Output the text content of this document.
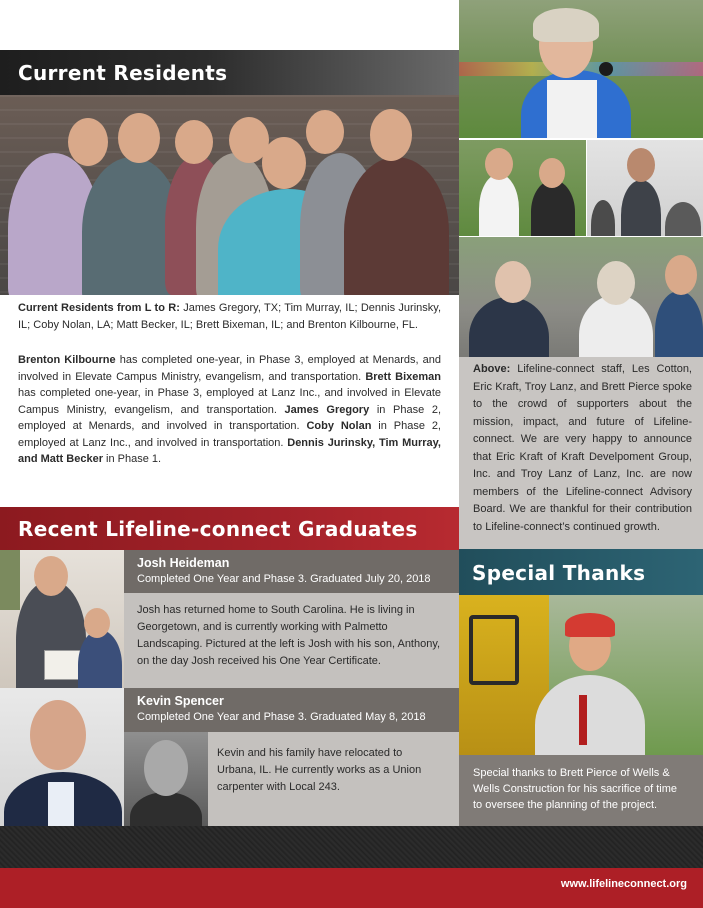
Current Residents
Current Residents from L to R: James Gregory, TX; Tim Murray, IL; Dennis Jurinsky, IL; Coby Nolan, LA; Matt Becker, IL; Brett Bixeman, IL; and Brenton Kilbourne, FL.
Brenton Kilbourne has completed one-year, in Phase 3, employed at Menards, and involved in Elevate Campus Ministry, evangelism, and transportation. Brett Bixeman has completed one-year, in Phase 3, employed at Lanz Inc., and involved in Elevate Campus Ministry, evangelism, and transportation. James Gregory in Phase 2, employed at Menards, and involved in transportation. Coby Nolan in Phase 2, employed at Lanz Inc., and involved in transportation. Dennis Jurinsky, Tim Murray, and Matt Becker in Phase 1.
Recent Lifeline-connect Graduates
Josh Heideman
Completed One Year and Phase 3. Graduated July 20, 2018
Josh has returned home to South Carolina. He is living in Georgetown, and is currently working with Palmetto Landscaping. Pictured at the left is Josh with his son, Anthony, on the day Josh received his One Year Certificate.
Kevin Spencer
Completed One Year and Phase 3. Graduated May 8, 2018
Kevin and his family have relocated to Urbana, IL. He currently works as a Union carpenter with Local 243.
Above: Lifeline-connect staff, Les Cotton, Eric Kraft, Troy Lanz, and Brett Pierce spoke to the crowd of supporters about the mission, impact, and future of Lifeline-connect. We are very happy to announce that Eric Kraft of Kraft Develpoment Group, Inc. and Troy Lanz of Lanz, Inc. are now members of the Lifeline-connect Advisory Board. We are thankful for their contribution to Lifeline-connect’s continued growth.
Special Thanks
Special thanks to Brett Pierce of Wells & Wells Construction for his sacrifice of time to oversee the planning of the project.
www.lifelineconnect.org
